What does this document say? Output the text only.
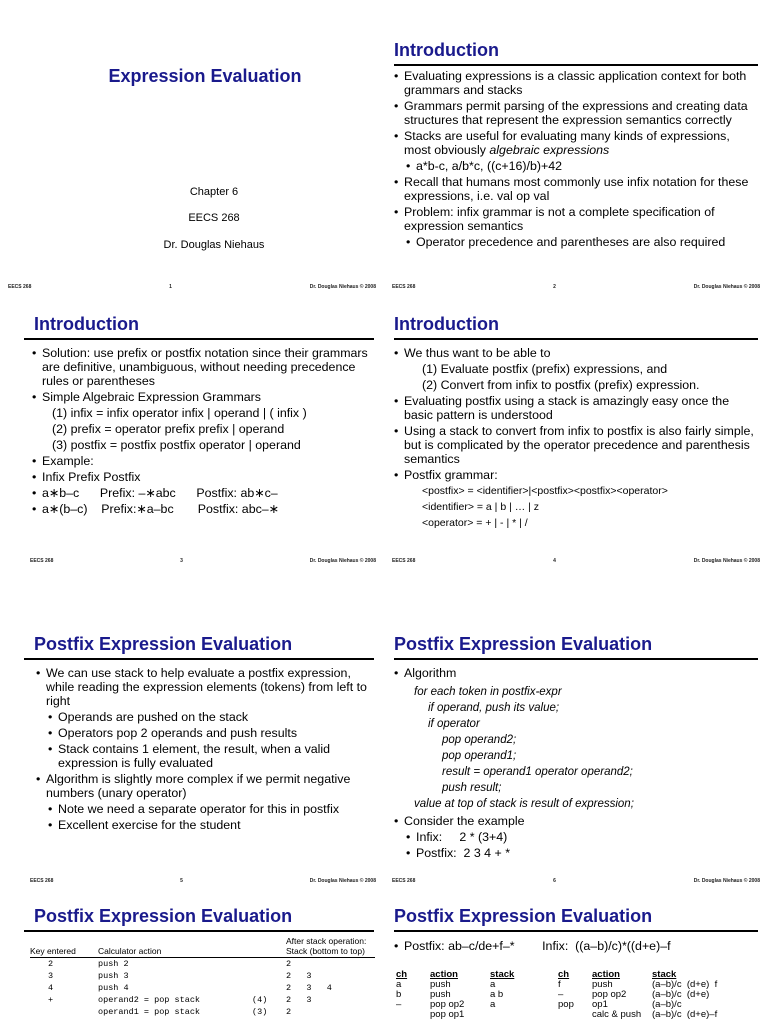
Expression Evaluation
Chapter 6
EECS 268
Dr. Douglas Niehaus
EECS 268	1	Dr. Douglas Niehaus © 2008
Introduction
• Evaluating expressions is a classic application context for both grammars and stacks
• Grammars permit parsing of the expressions and creating data structures that represent the expression semantics correctly
• Stacks are useful for evaluating many kinds of expressions, most obviously algebraic expressions
• a*b-c, a/b*c, ((c+16)/b)+42
• Recall that humans most commonly use infix notation for these expressions, i.e. val op val
• Problem: infix grammar is not a complete specification of expression semantics
• Operator precedence and parentheses are also required
EECS 268	2	Dr. Douglas Niehaus © 2008
Introduction
• Solution: use prefix or postfix notation since their grammars are definitive, unambiguous, without needing precedence rules or parentheses
• Simple Algebraic Expression Grammars
(1) infix = infix operator infix | operand | ( infix )
(2) prefix = operator prefix prefix | operand
(3) postfix = postfix postfix operator | operand
• Example:
• Infix Prefix Postfix
• a∗b–c      Prefix: –∗abc      Postfix: ab∗c–
• a∗(b–c)    Prefix:∗a–bc       Postfix: abc–∗
EECS 268	3	Dr. Douglas Niehaus © 2008
Introduction
• We thus want to be able to
(1) Evaluate postfix (prefix) expressions, and
(2) Convert from infix to postfix (prefix) expression.
• Evaluating postfix using a stack is amazingly easy once the basic pattern is understood
• Using a stack to convert from infix to postfix is also fairly simple, but is complicated by the operator precedence and parenthesis semantics
• Postfix grammar:
<postfix> = <identifier>|<postfix><postfix><operator>
<identifier> = a | b | … | z
<operator> = + | - | * | /
EECS 268	4	Dr. Douglas Niehaus © 2008
Postfix Expression Evaluation
• We can use stack to help evaluate a postfix expression, while reading the expression elements (tokens) from left to right
• Operands are pushed on the stack
• Operators pop 2 operands and push results
• Stack contains 1 element, the result, when a valid expression is fully evaluated
• Algorithm is slightly more complex if we permit negative numbers (unary operator)
• Note we need a separate operator for this in postfix
• Excellent exercise for the student
EECS 268	5	Dr. Douglas Niehaus © 2008
Postfix Expression Evaluation
• Algorithm
for each token in postfix-expr
if operand, push its value;
if operator
pop operand2;
pop operand1;
result = operand1 operator operand2;
push result;
value at top of stack is result of expression;
• Consider the example
• Infix:     2 * (3+4)
• Postfix:  2 3 4 + *
EECS 268	6	Dr. Douglas Niehaus © 2008
Postfix Expression Evaluation
Key entered	Calculator action		After stack operation: Stack (bottom to top)
2	push 2		2
3	push 3		2   3
4	push 4		2   3   4

+	operand2 = pop stack	(4)	2   3
	operand1 = pop stack	(3)	2
Postfix Expression Evaluation
• Postfix: ab–c/de+f–* Infix:  ((a–b)/c)*((d+e)–f
ch	action	stack
a	push	a
b	push	a b
–	pop op2	a
	pop op1	
ch	action	stack
f	push	(a–b)/c  (d+e)  f
–	pop op2	(a–b)/c  (d+e)
pop	op1	(a–b)/c
	calc & push	(a–b)/c  (d+e)–f
